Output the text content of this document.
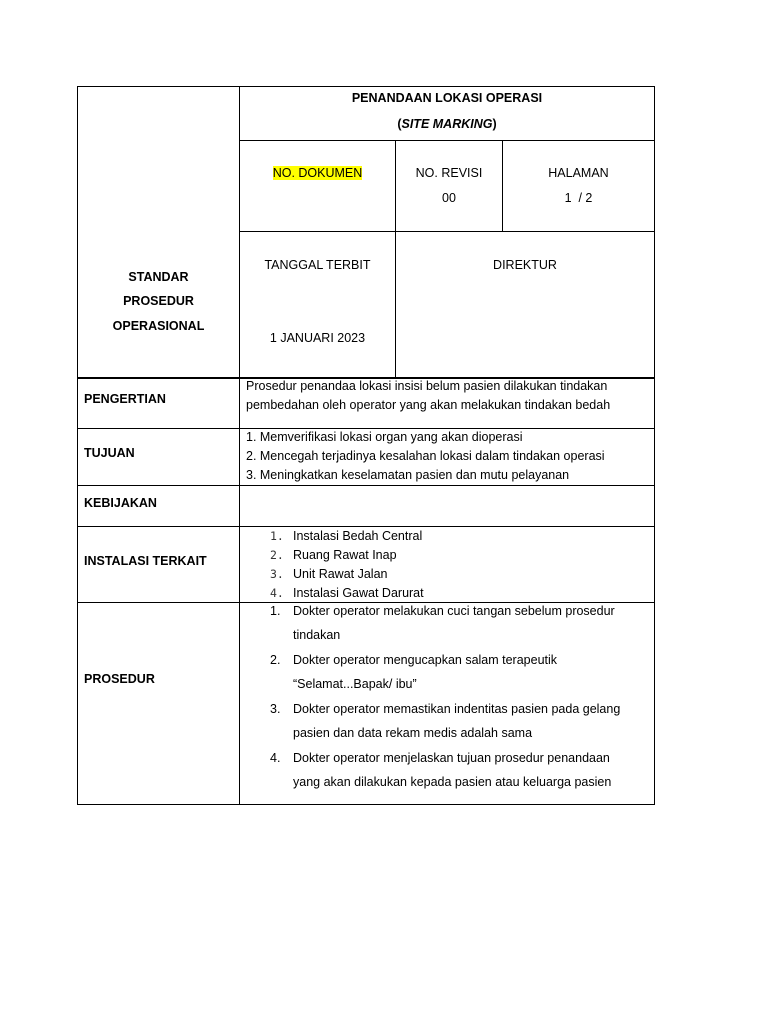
PENANDAAN LOKASI OPERASI
(SITE MARKING)
NO. DOKUMEN	NO. REVISI
00
HALAMAN
1  / 2
STANDAR
PROSEDUR
OPERASIONAL
TANGGAL TERBIT
1 JANUARI 2023
DIREKTUR
PENGERTIAN
Prosedur penandaa lokasi insisi belum pasien dilakukan tindakan
pembedahan oleh operator yang akan melakukan tindakan bedah
TUJUAN
1. Memverifikasi lokasi organ yang akan dioperasi
2. Mencegah terjadinya kesalahan lokasi dalam tindakan operasi
3. Meningkatkan keselamatan pasien dan mutu pelayanan
KEBIJAKAN
INSTALASI TERKAIT
1. Instalasi Bedah Central
2. Ruang Rawat Inap
3. Unit Rawat Jalan
4. Instalasi Gawat Darurat
PROSEDUR
1. Dokter operator melakukan cuci tangan sebelum prosedur
tindakan
2. Dokter operator mengucapkan salam terapeutik
“Selamat...Bapak/ ibu”
3. Dokter operator memastikan indentitas pasien pada gelang
pasien dan data rekam medis adalah sama
4. Dokter operator menjelaskan tujuan prosedur penandaan
yang akan dilakukan kepada pasien atau keluarga pasien
